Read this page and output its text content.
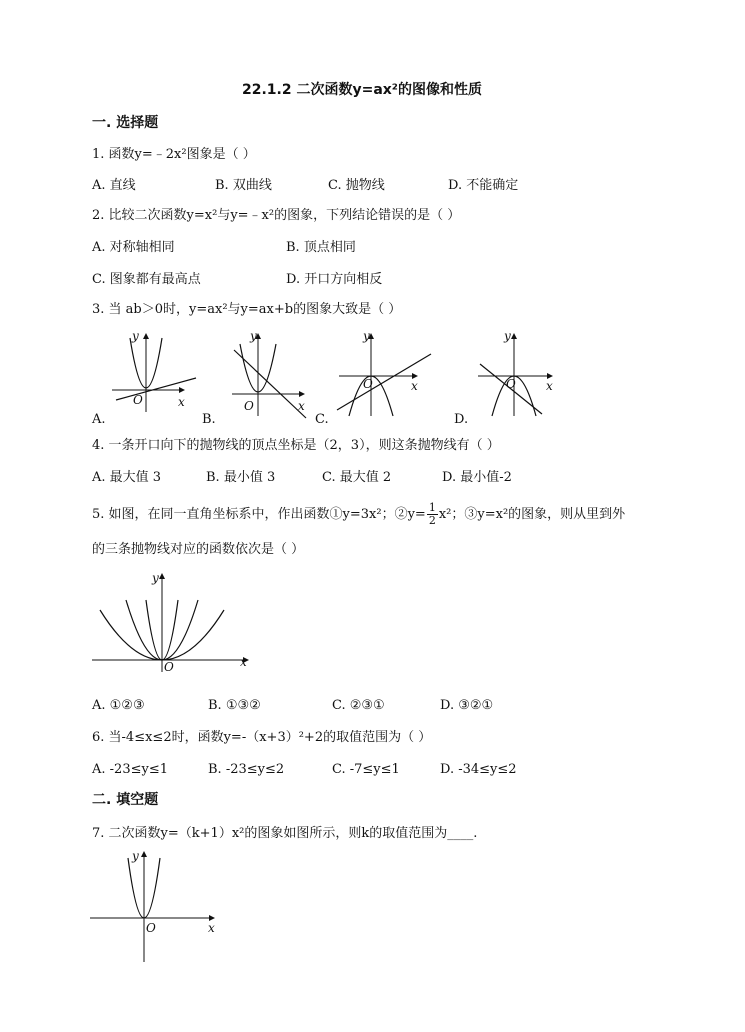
22.1.2 二次函数y=ax²的图像和性质
一. 选择题
1. 函数y=﹣2x²图象是（ ）
A. 直线	B. 双曲线	C. 抛物线	D. 不能确定
2. 比较二次函数y=x²与y=﹣x²的图象，下列结论错误的是（ ）
A. 对称轴相同	B. 顶点相同
C. 图象都有最高点	D. 开口方向相反
3. 当 ab＞0时，y=ax²与y=ax+b的图象大致是（ ）
y
x
O
A.
y
x
O
B.
y
x
O
C.
y
x
O
D.
4. 一条开口向下的抛物线的顶点坐标是（2，3），则这条抛物线有（ ）
A. 最大值 3	B. 最小值 3	C. 最大值 2	D. 最小值-2
5. 如图，在同一直角坐标系中，作出函数①y=3x²；②y= $\frac{1}{2} x^2$；③y=x²的图象，则从里到外
的三条抛物线对应的函数依次是（ ）
y
x
O
A. ①②③	B. ①③②	C. ②③①	D. ③②①
6. 当-4≤x≤2时，函数y=-（x+3）²+2的取值范围为（ ）
A. -23≤y≤1	B. -23≤y≤2	C. -7≤y≤1	D. -34≤y≤2
二. 填空题
7. 二次函数y=（k+1）x²的图象如图所示，则k的取值范围为____.
y
x
O
